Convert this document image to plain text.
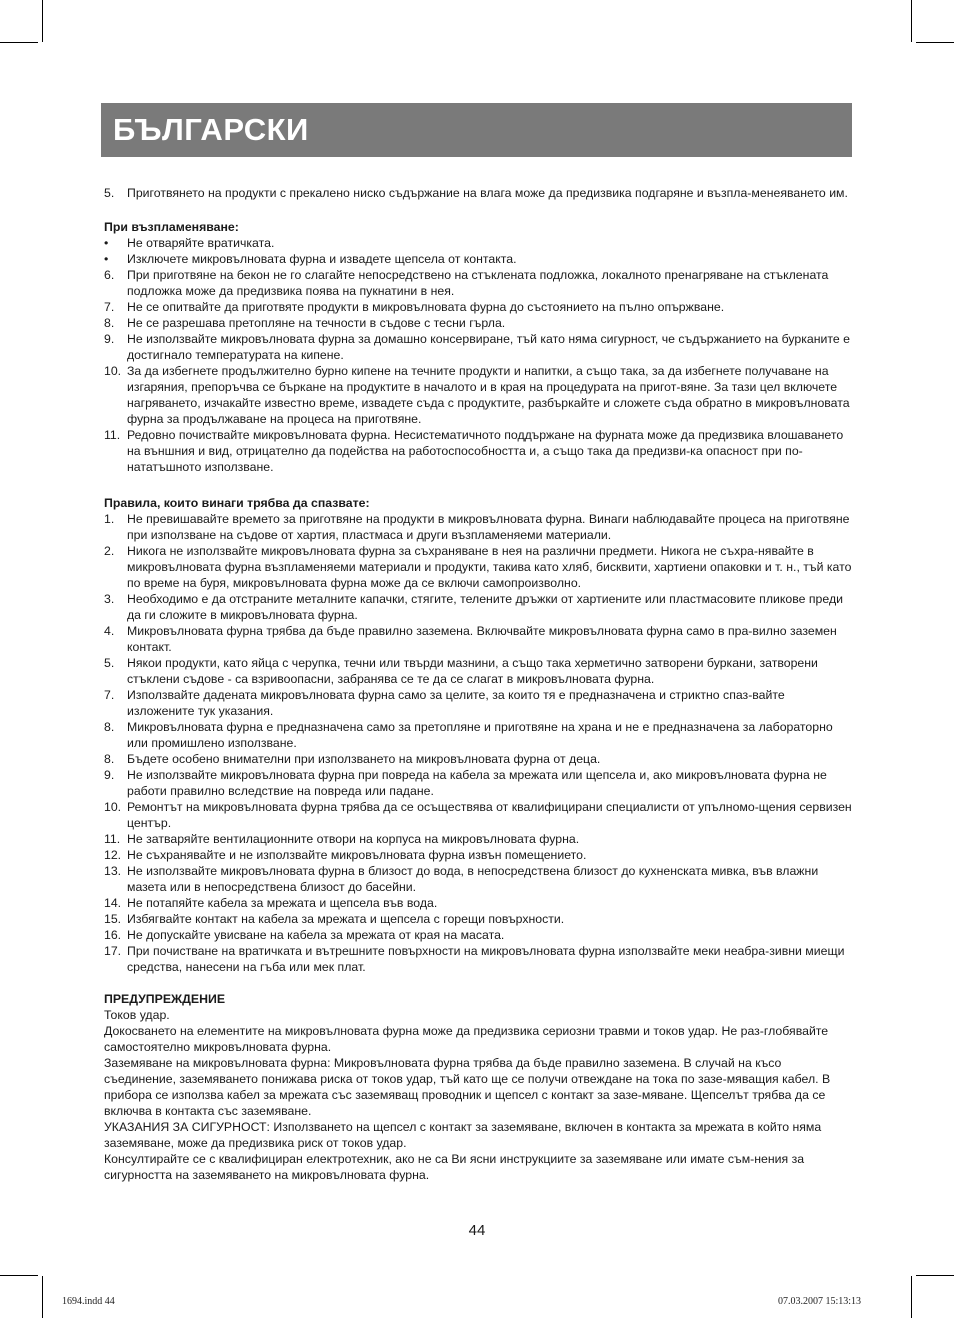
БЪЛГАРСКИ
5. Приготвянето на продукти с прекалено ниско съдържание на влага може да предизвика подгаряне и възпла-менеяването им.
При възпламеняване:
• Не отваряйте вратичката.
• Изключете микровълновата фурна и извадете щепсела от контакта.
6. При приготвяне на бекон не го слагайте непосредствено на стъклената подложка, локалното пренагряване на стъклената подложка може да предизвика поява на пукнатини в нея.
7. Не се опитвайте да приготвяте продукти в микровълновата фурна до състоянието на пълно опържване.
8. Не се разрешава претопляне на течности в съдове с тесни гърла.
9. Не използвайте микровълновата фурна за домашно консервиране, тъй като няма сигурност, че съдържанието на бурканите е достигнало температурата на кипене.
10. За да избегнете продължително бурно кипене на течните продукти и напитки, а също така, за да избегнете получаване на изгаряния, препоръчва се бъркане на продуктите в началото и в края на процедурата на пригот-вяне. За тази цел включете нагряването, изчакайте известно време, извадете съда с продуктите, разбъркайте и сложете съда обратно в микровълновата фурна за продължаване на процеса на приготвяне.
11. Редовно почиствайте микровълновата фурна. Несистематичното поддържане на фурната може да предизвика влошаването на външния и вид, отрицателно да подейства на работоспособността и, а също така да предизви-ка опасност при по-нататъшното използване.
Правила, които винаги трябва да спазвате:
1. Не превишавайте времето за приготвяне на продукти в микровълновата фурна. Винаги наблюдавайте процеса на приготвяне при използване на съдове от хартия, пластмаса и други възпламеняеми материали.
2. Никога не използвайте микровълновата фурна за съхраняване в нея на различни предмети. Никога не съхра-нявайте в микровълновата фурна възпламеняеми материали и продукти, такива като хляб, бисквити, хартиени опаковки и т. н., тъй като по време на буря, микровълновата фурна може да се включи самопроизволно.
3. Необходимо е да отстраните металните капачки, стягите, телените дръжки от хартиените или пластмасовите пликове преди да ги сложите в микровълновата фурна.
4. Микровълновата фурна трябва да бъде правилно заземена. Включвайте микровълновата фурна само в пра-вилно заземен контакт.
5. Някои продукти, като яйца с черупка, течни или твърди мазнини, а също така херметично затворени буркани, затворени стъклени съдове - са взривоопасни, забранява се те да се слагат в микровълновата фурна.
7. Използвайте дадената микровълновата фурна само за целите, за които тя е предназначена и стриктно спаз-вайте изложените тук указания.
8. Микровълновата фурна е предназначена само за претопляне и приготвяне на храна и не е предназначена за лабораторно или промишлено използване.
8. Бъдете особено внимателни при използването на микровълновата фурна от деца.
9. Не използвайте микровълновата фурна при повреда на кабела за мрежата или щепсела и, ако микровълновата фурна не работи правилно вследствие на повреда или падане.
10. Ремонтът на микровълновата фурна трябва да се осъществява от квалифицирани специалисти от упълномо-щения сервизен център.
11. Не затваряйте вентилационните отвори на корпуса на микровълновата фурна.
12. Не съхранявайте и не използвайте микровълновата фурна извън помещението.
13. Не използвайте микровълновата фурна в близост до вода, в непосредствена близост до кухненската мивка, във влажни мазета или в непосредствена близост до басейни.
14. Не потапяйте кабела за мрежата и щепсела във вода.
15. Избягвайте контакт на кабела за мрежата и щепсела с горещи повърхности.
16. Не допускайте увисване на кабела за мрежата от края на масата.
17. При почистване на вратичката и вътрешните повърхности на микровълновата фурна използвайте меки неабра-зивни миещи средства, нанесени на гъба или мек плат.
ПРЕДУПРЕЖДЕНИЕ
Токов удар.
Докосването на елементите на микровълновата фурна може да предизвика сериозни травми и токов удар. Не раз-глобявайте самостоятелно микровълновата фурна.
Заземяване на микровълновата фурна: Микровълновата фурна трябва да бъде правилно заземена. В случай на късо съединение, заземяването понижава риска от токов удар, тъй като ще се получи отвеждане на тока по зазе-мяващия кабел. В прибора се използва кабел за мрежата със заземяващ проводник и щепсел с контакт за зазе-мяване. Щепселът трябва да се включва в контакта със заземяване.
УКАЗАНИЯ ЗА СИГУРНОСТ: Използването на щепсел с контакт за заземяване, включен в контакта за мрежата в който няма заземяване, може да предизвика риск от токов удар.
Консултирайте се с квалифициран електротехник, ако не са Ви ясни инструкциите за заземяване или имате съм-нения за сигурността на заземяването на микровълновата фурна.
44
1694.indd 44	07.03.2007 15:13:13
